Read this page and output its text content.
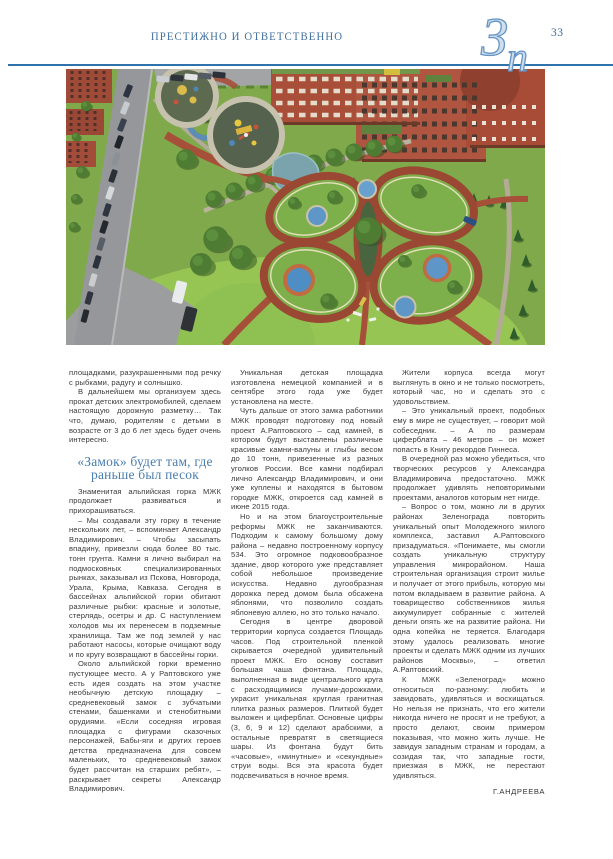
ПРЕСТИЖНО И ОТВЕТСТВЕННО	33
З п

площадками, разукрашенными под речку с рыбками, радугу и солнышко.

В дальнейшем мы организуем здесь прокат детских электромобилей, сделаем настоящую дорожную разметку… Так что, думаю, родителям с детьми в возрасте от 3 до 6 лет здесь будет очень интересно.

«Замок» будет там, где раньше был песок

Знаменитая альпийская горка МЖК продолжает развиваться и прихорашиваться.

– Мы создавали эту горку в течение нескольких лет, – вспоминает Александр Владимирович. – Чтобы засыпать впадину, привезли сюда более 80 тыс. тонн грунта. Камни я лично выбирал на подмосковных специализированных рынках, заказывал из Пскова, Новгорода, Урала, Крыма, Кавказа. Сегодня в бассейнах альпийской горки обитают различные рыбки: красные и золотые, стерлядь, осетры и др. С наступлением холодов мы их перенесем в подземные хранилища. Там же под землей у нас работают насосы, которые очищают воду и по кругу возвращают в бассейны горки.

Около альпийской горки временно пустующее место. А у Раптовского уже есть идея создать на этом участке необычную детскую площадку – средневековый замок с зубчатыми стенами, башенками и стенобитными орудиями. «Если соседняя игровая площадка с фигурами сказочных персонажей, Бабы-яги и других героев детства предназначена для совсем маленьких, то средневековый замок будет рассчитан на старших ребят», – раскрывает секреты Александр Владимирович.

Уникальная детская площадка изготовлена немецкой компанией и в сентябре этого года уже будет установлена на месте.

Чуть дальше от этого замка работники МЖК проводят подготовку под новый проект А.Раптовского – сад камней, в котором будут выставлены различные красивые камни-валуны и глыбы весом до 10 тонн, привезенные из разных уголков России. Все камни подбирал лично Александр Владимирович, и они уже куплены и находятся в бытовом городке МЖК, откроется сад камней в июне 2015 года.

Но и на этом благоустроительные реформы МЖК не заканчиваются. Подходим к самому большому дому района – недавно построенному корпусу 534. Это огромное подковообразное здание, двор которого уже представляет собой небольшое произведение искусства. Недавно дугообразная дорожка перед домом была обсажена яблонями, что позволило создать яблоневую аллею, но это только начало.

Сегодня в центре дворовой территории корпуса создается Площадь часов. Под строительной пленкой скрывается очередной удивительный проект МЖК. Его основу составит большая чаша фонтана. Площадь, выполненная в виде центрального круга с расходящимися лучами-дорожками, украсит уникальная круглая гранитная плитка разных размеров. Плиткой будет выложен и циферблат. Основные цифры (3, 6, 9 и 12) сделают арабскими, а остальные превратят в светящиеся шары. Из фонтана будут бить «часовые», «минутные» и «секундные» струи воды. Вся эта красота будет подсвечиваться в ночное время.

Жители корпуса всегда могут выглянуть в окно и не только посмотреть, который час, но и сделать это с удовольствием.

– Это уникальный проект, подобных ему в мире не существует, – говорит мой собеседник. – А по размерам циферблата – 46 метров – он может попасть в Книгу рекордов Гиннеса.

В очередной раз можно убедиться, что творческих ресурсов у Александра Владимировича предостаточно. МЖК продолжает удивлять неповторимыми проектами, аналогов которым нет нигде.

– Вопрос о том, можно ли в других районах Зеленограда повторить уникальный опыт Молодежного жилого комплекса, заставил А.Раптовского призадуматься. «Понимаете, мы смогли создать уникальную структуру управления микрорайоном. Наша строительная организация строит жилье и получает от этого прибыль, которую мы потом вкладываем в развитие района. А товарищество собственников жилья аккумулирует собранные с жителей деньги опять же на развитие района. Ни одна копейка не теряется. Благодаря этому удалось реализовать многие проекты и сделать МЖК одним из лучших районов Москвы», – ответил А.Раптовский.

К МЖК «Зеленоград» можно относиться по-разному: любить и завидовать, удивляться и восхищаться. Но нельзя не признать, что его жители никогда ничего не просят и не требуют, а просто делают, своим примером показывая, что можно жить лучше. Не завидуя западным странам и городам, а созидая так, что западные гости, приезжая в МЖК, не перестают удивляться.

Г.АНДРЕЕВА
